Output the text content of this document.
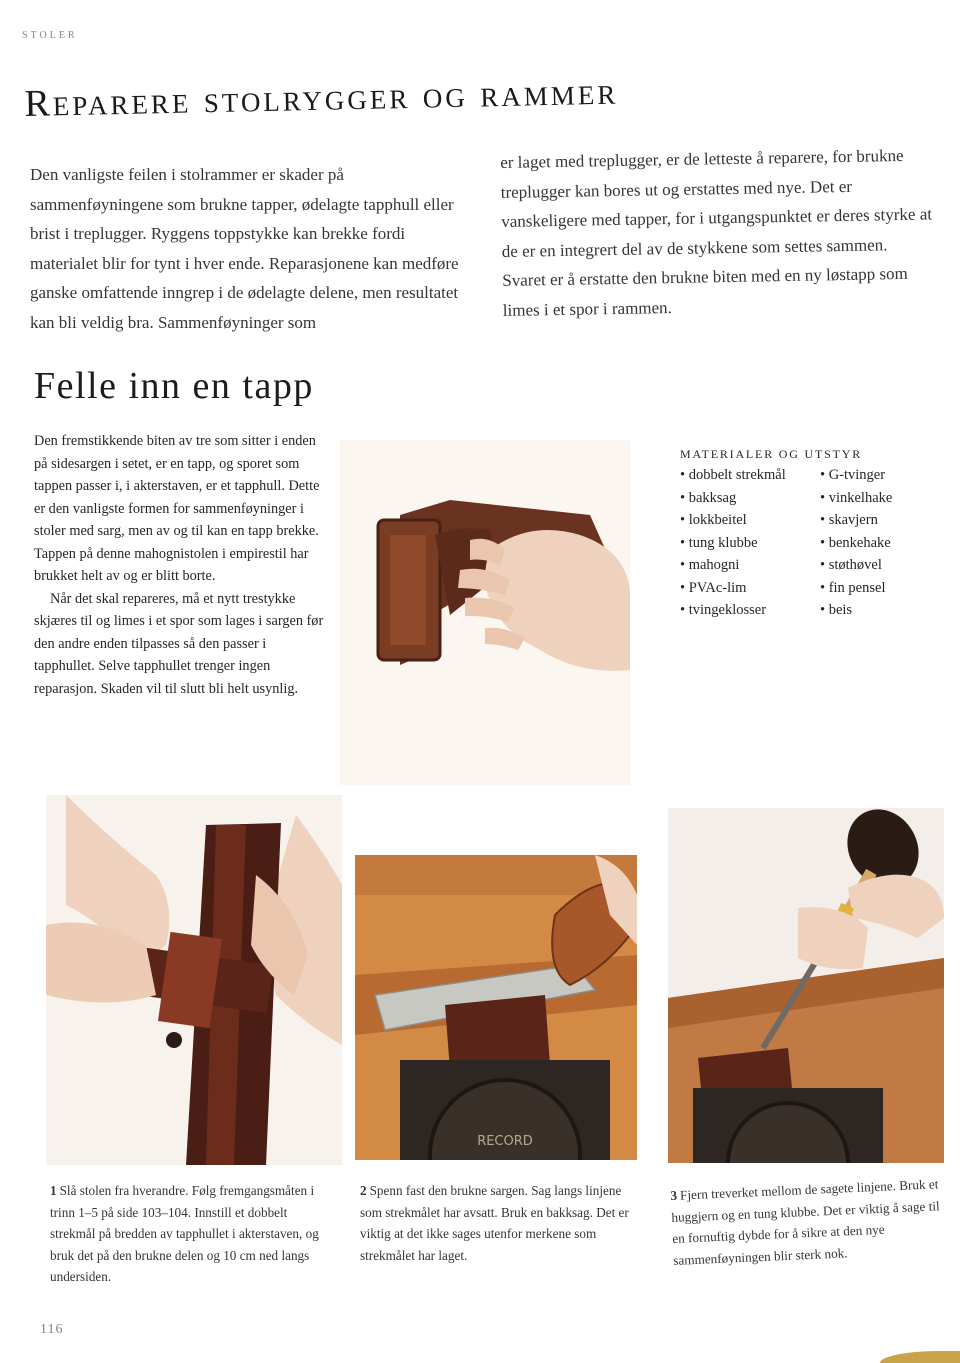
STOLER
Reparere stolrygger og rammer

Den vanligste feilen i stolrammer er skader på sammenføyningene som brukne tapper, ødelagte tapphull eller brist i treplugger. Ryggens toppstykke kan brekke fordi materialet blir for tynt i hver ende. Reparasjonene kan medføre ganske omfattende inngrep i de ødelagte delene, men resultatet kan bli veldig bra. Sammenføyninger som

er laget med treplugger, er de letteste å reparere, for brukne treplugger kan bores ut og erstattes med nye. Det er vanskeligere med tapper, for i utgangspunktet er deres styrke at de er en integrert del av de stykkene som settes sammen. Svaret er å erstatte den brukne biten med en ny løstapp som limes i et spor i rammen.

Felle inn en tapp

Den fremstikkende biten av tre som sitter i enden på sidesargen i setet, er en tapp, og sporet som tappen passer i, i akterstaven, er et tapphull. Dette er den vanligste formen for sammenføyninger i stoler med sarg, men av og til kan en tapp brekke. Tappen på denne mahognistolen i empirestil har brukket helt av og er blitt borte.

Når det skal repareres, må et nytt trestykke skjæres til og limes i et spor som lages i sargen før den andre enden tilpasses så den passer i tapphullet. Selve tapphullet trenger ingen reparasjon. Skaden vil til slutt bli helt usynlig.

MATERIALER OG UTSTYR
• dobbelt strekmål
• bakksag
• lokkbeitel
• tung klubbe
• mahogni
• PVAc-lim
• tvingeklosser
• G-tvinger
• vinkelhake
• skavjern
• benkehake
• støthøvel
• fin pensel
• beis
RECORD

1 Slå stolen fra hverandre. Følg fremgangsmåten i trinn 1–5 på side 103–104. Innstill et dobbelt strekmål på bredden av tapphullet i akterstaven, og bruk det på den brukne delen og 10 cm ned langs undersiden.

2 Spenn fast den brukne sargen. Sag langs linjene som strekmålet har avsatt. Bruk en bakksag. Det er viktig at det ikke sages utenfor merkene som strekmålet har laget.

3 Fjern treverket mellom de sagete linjene. Bruk et huggjern og en tung klubbe. Det er viktig å sage til en fornuftig dybde for å sikre at den nye sammenføyningen blir sterk nok.

116
